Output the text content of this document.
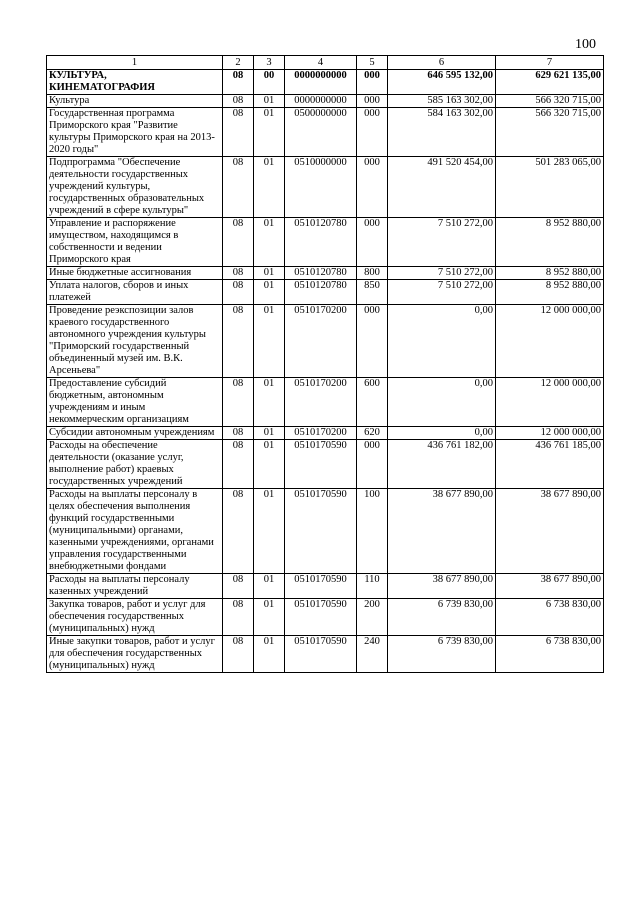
100
1	2	3	4	5	6	7
КУЛЬТУРА,
КИНЕМАТОГРАФИЯ	08	00	0000000000	000	646 595 132,00	629 621 135,00
Культура	08	01	0000000000	000	585 163 302,00	566 320 715,00
Государственная программа Приморского края "Развитие культуры Приморского края на 2013-2020 годы"	08	01	0500000000	000	584 163 302,00	566 320 715,00
Подпрограмма "Обеспечение деятельности государственных учреждений культуры, государственных образовательных учреждений в сфере культуры"	08	01	0510000000	000	491 520 454,00	501 283 065,00
Управление и распоряжение имуществом, находящимся в собственности и ведении Приморского края	08	01	0510120780	000	7 510 272,00	8 952 880,00
Иные бюджетные ассигнования	08	01	0510120780	800	7 510 272,00	8 952 880,00
Уплата налогов, сборов и иных платежей	08	01	0510120780	850	7 510 272,00	8 952 880,00
Проведение реэкспозиции залов краевого государственного автономного учреждения культуры "Приморский государственный объединенный музей им. В.К. Арсеньева"	08	01	0510170200	000	0,00	12 000 000,00
Предоставление субсидий бюджетным, автономным учреждениям и иным некоммерческим организациям	08	01	0510170200	600	0,00	12 000 000,00
Субсидии автономным учреждениям	08	01	0510170200	620	0,00	12 000 000,00
Расходы на обеспечение деятельности (оказание услуг, выполнение работ) краевых государственных учреждений	08	01	0510170590	000	436 761 182,00	436 761 185,00
Расходы на выплаты персоналу в целях обеспечения выполнения функций государственными (муниципальными) органами, казенными учреждениями, органами управления государственными внебюджетными фондами	08	01	0510170590	100	38 677 890,00	38 677 890,00
Расходы на выплаты персоналу казенных учреждений	08	01	0510170590	110	38 677 890,00	38 677 890,00
Закупка товаров, работ и услуг для обеспечения государственных (муниципальных) нужд	08	01	0510170590	200	6 739 830,00	6 738 830,00
Иные закупки товаров, работ и услуг для обеспечения государственных (муниципальных) нужд	08	01	0510170590	240	6 739 830,00	6 738 830,00
